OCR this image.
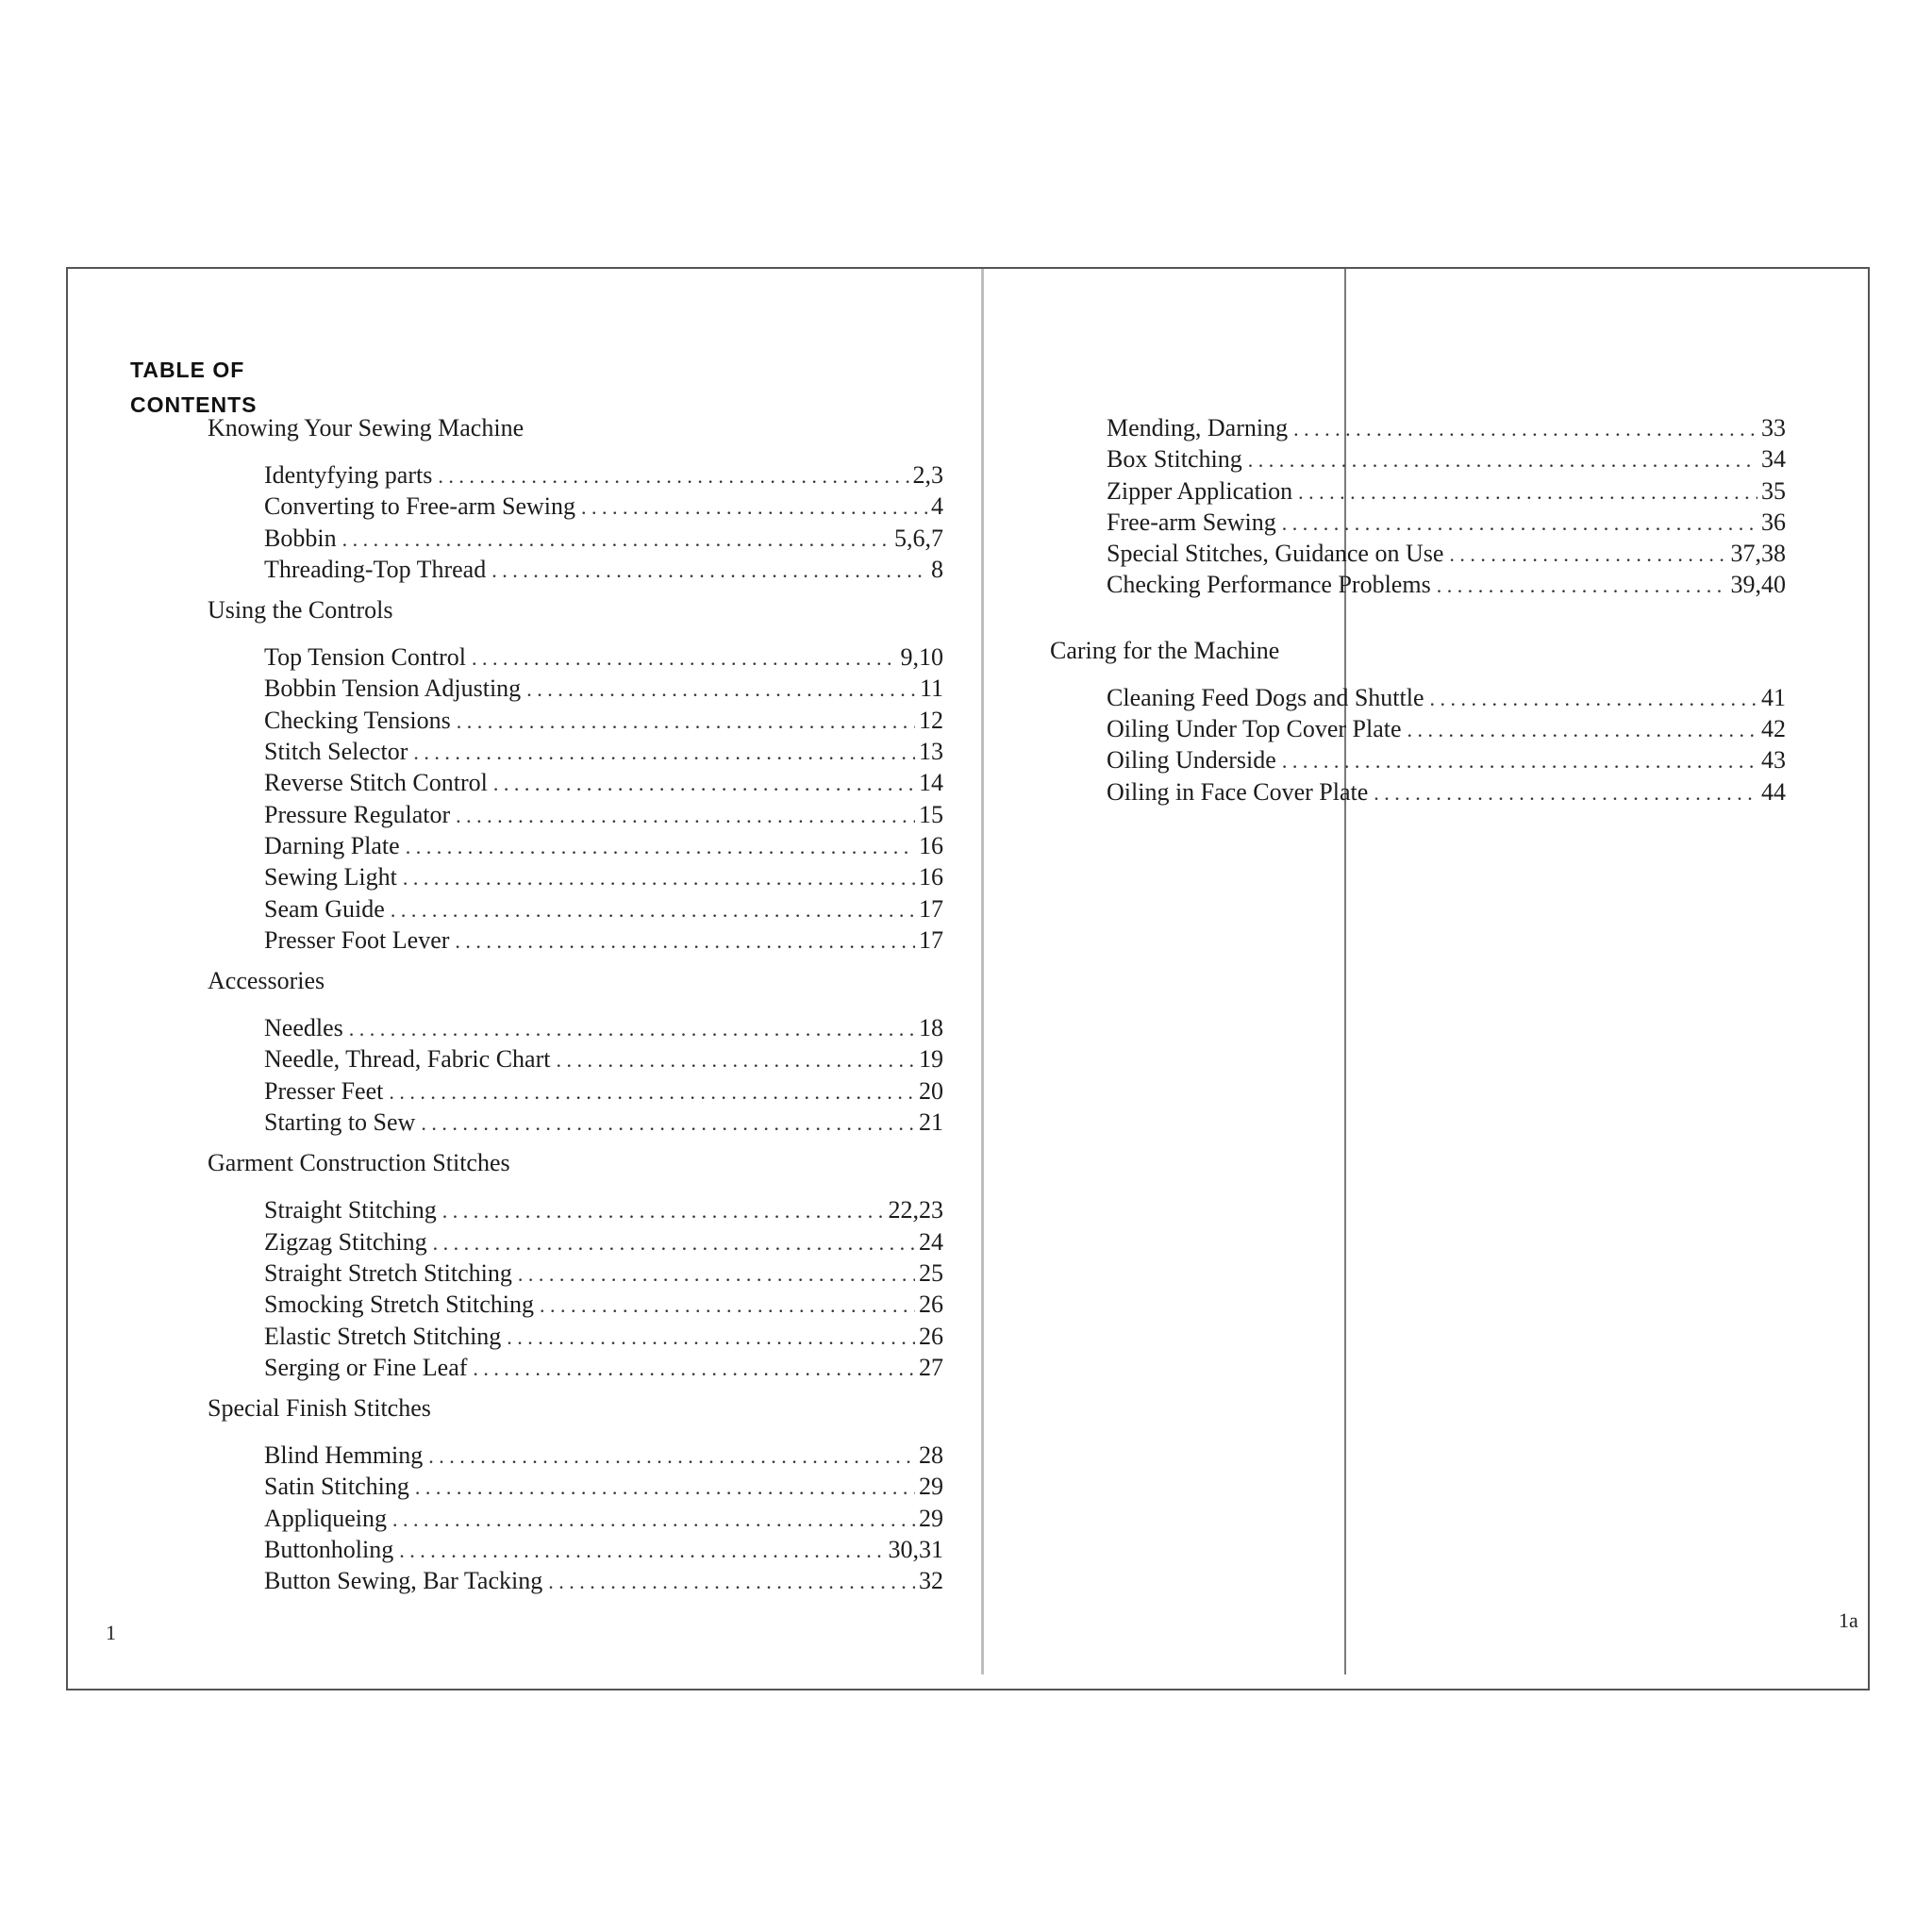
TABLE OF
CONTENTS
Knowing Your Sewing Machine
Identyfying parts . . .	2,3
Converting to Free-arm Sewing . . .	4
Bobbin . . .	5,6,7
Threading-Top Thread . . .	8
Using the Controls
Top Tension Control . . .	9,10
Bobbin Tension Adjusting . . .	11
Checking Tensions . . .	12
Stitch Selector . . .	13
Reverse Stitch Control . . .	14
Pressure Regulator . . .	15
Darning Plate . . .	16
Sewing Light . . .	16
Seam Guide . . .	17
Presser Foot Lever . . .	17
Accessories
Needles . . .	18
Needle, Thread, Fabric Chart . . .	19
Presser Feet . . .	20
Starting to Sew . . .	21
Garment Construction Stitches
Straight Stitching . . .	22,23
Zigzag Stitching . . .	24
Straight Stretch Stitching . . .	25
Smocking Stretch Stitching . . .	26
Elastic Stretch Stitching . . .	26
Serging or Fine Leaf . . .	27
Special Finish Stitches
Blind Hemming . . .	28
Satin Stitching . . .	29
Appliqueing . . .	29
Buttonholing . . .	30,31
Button Sewing, Bar Tacking . . .	32
Mending, Darning . . .	33
Box Stitching . . .	34
Zipper Application . . .	35
Free-arm Sewing . . .	36
Special Stitches, Guidance on Use . . .	37,38
Checking Performance Problems . . .	39,40
Caring for the Machine
Cleaning Feed Dogs and Shuttle . . .	41
Oiling Under Top Cover Plate . . .	42
Oiling Underside . . .	43
Oiling in Face Cover Plate . . .	44
1
1a
